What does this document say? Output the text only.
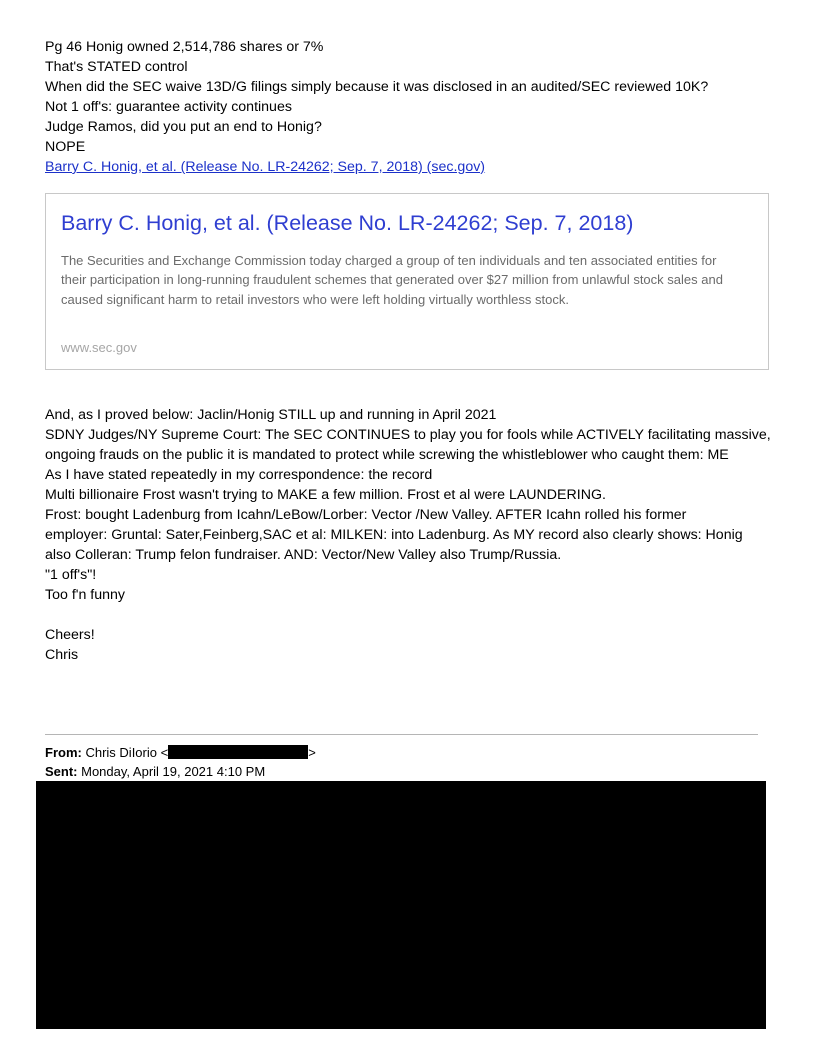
Pg 46 Honig owned 2,514,786 shares or 7%
That's STATED control
When did the SEC waive 13D/G filings simply because it was disclosed in an audited/SEC reviewed 10K?
Not 1 off's: guarantee activity continues
Judge Ramos, did you put an end to Honig?
NOPE
Barry C. Honig, et al. (Release No. LR-24262; Sep. 7, 2018) (sec.gov)
Barry C. Honig, et al. (Release No. LR-24262; Sep. 7, 2018)
The Securities and Exchange Commission today charged a group of ten individuals and ten associated entities for their participation in long-running fraudulent schemes that generated over $27 million from unlawful stock sales and caused significant harm to retail investors who were left holding virtually worthless stock.
www.sec.gov
And, as I proved below: Jaclin/Honig STILL up and running in April 2021
SDNY Judges/NY Supreme Court: The SEC CONTINUES to play you for fools while ACTIVELY facilitating massive,
ongoing frauds on the public it is mandated to protect while screwing the whistleblower who caught them: ME
As I have stated repeatedly in my correspondence: the record
Multi billionaire Frost wasn't trying to MAKE a few million. Frost et al were LAUNDERING.
Frost: bought Ladenburg from Icahn/LeBow/Lorber: Vector /New Valley. AFTER Icahn rolled his former
employer: Gruntal: Sater,Feinberg,SAC et al: MILKEN: into Ladenburg. As MY record also clearly shows: Honig
also Colleran: Trump felon fundraiser. AND: Vector/New Valley also Trump/Russia.
"1 off's"!
Too f'n funny
Cheers!
Chris
From: Chris DiIorio <	>
Sent: Monday, April 19, 2021 4:10 PM
